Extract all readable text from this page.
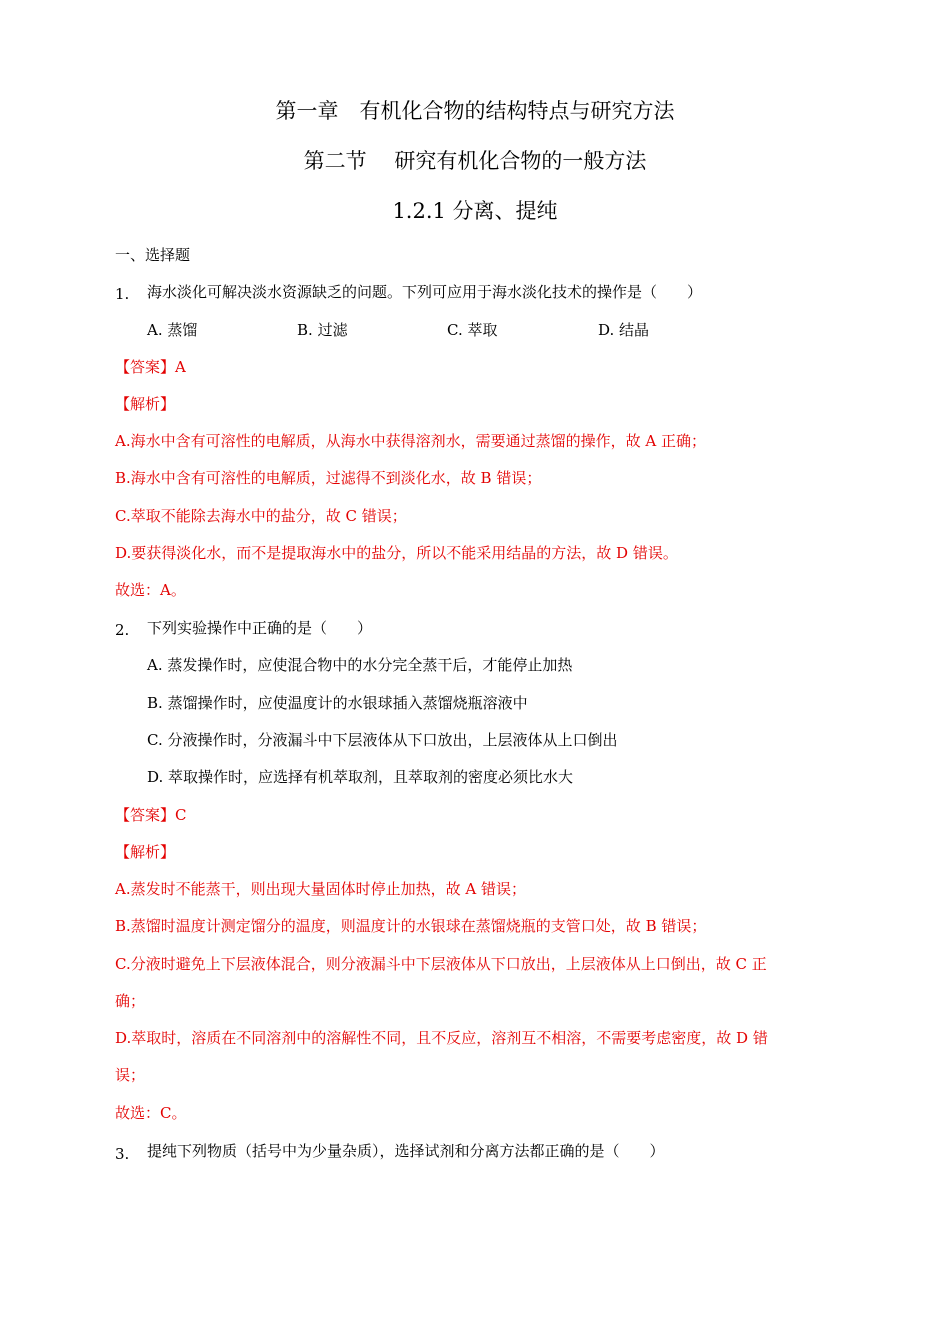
第一章　有机化合物的结构特点与研究方法
第二节　 研究有机化合物的一般方法
1.2.1 分离、提纯
一、选择题
1. 海水淡化可解决淡水资源缺乏的问题。下列可应用于海水淡化技术的操作是（　　）
A. 蒸馏	B. 过滤	C. 萃取	D. 结晶
【答案】A
【解析】
A.海水中含有可溶性的电解质，从海水中获得溶剂水，需要通过蒸馏的操作，故 A 正确；
B.海水中含有可溶性的电解质，过滤得不到淡化水，故 B 错误；
C.萃取不能除去海水中的盐分，故 C 错误；
D.要获得淡化水，而不是提取海水中的盐分，所以不能采用结晶的方法，故 D 错误。
故选：A。
2. 下列实验操作中正确的是（　　）
A. 蒸发操作时，应使混合物中的水分完全蒸干后，才能停止加热
B. 蒸馏操作时，应使温度计的水银球插入蒸馏烧瓶溶液中
C. 分液操作时，分液漏斗中下层液体从下口放出，上层液体从上口倒出
D. 萃取操作时，应选择有机萃取剂，且萃取剂的密度必须比水大
【答案】C
【解析】
A.蒸发时不能蒸干，则出现大量固体时停止加热，故 A 错误；
B.蒸馏时温度计测定馏分的温度，则温度计的水银球在蒸馏烧瓶的支管口处，故 B 错误；
C.分液时避免上下层液体混合，则分液漏斗中下层液体从下口放出，上层液体从上口倒出，故 C 正
确；
D.萃取时，溶质在不同溶剂中的溶解性不同，且不反应，溶剂互不相溶，不需要考虑密度，故 D 错
误；
故选：C。
3. 提纯下列物质（括号中为少量杂质），选择试剂和分离方法都正确的是（　　）
